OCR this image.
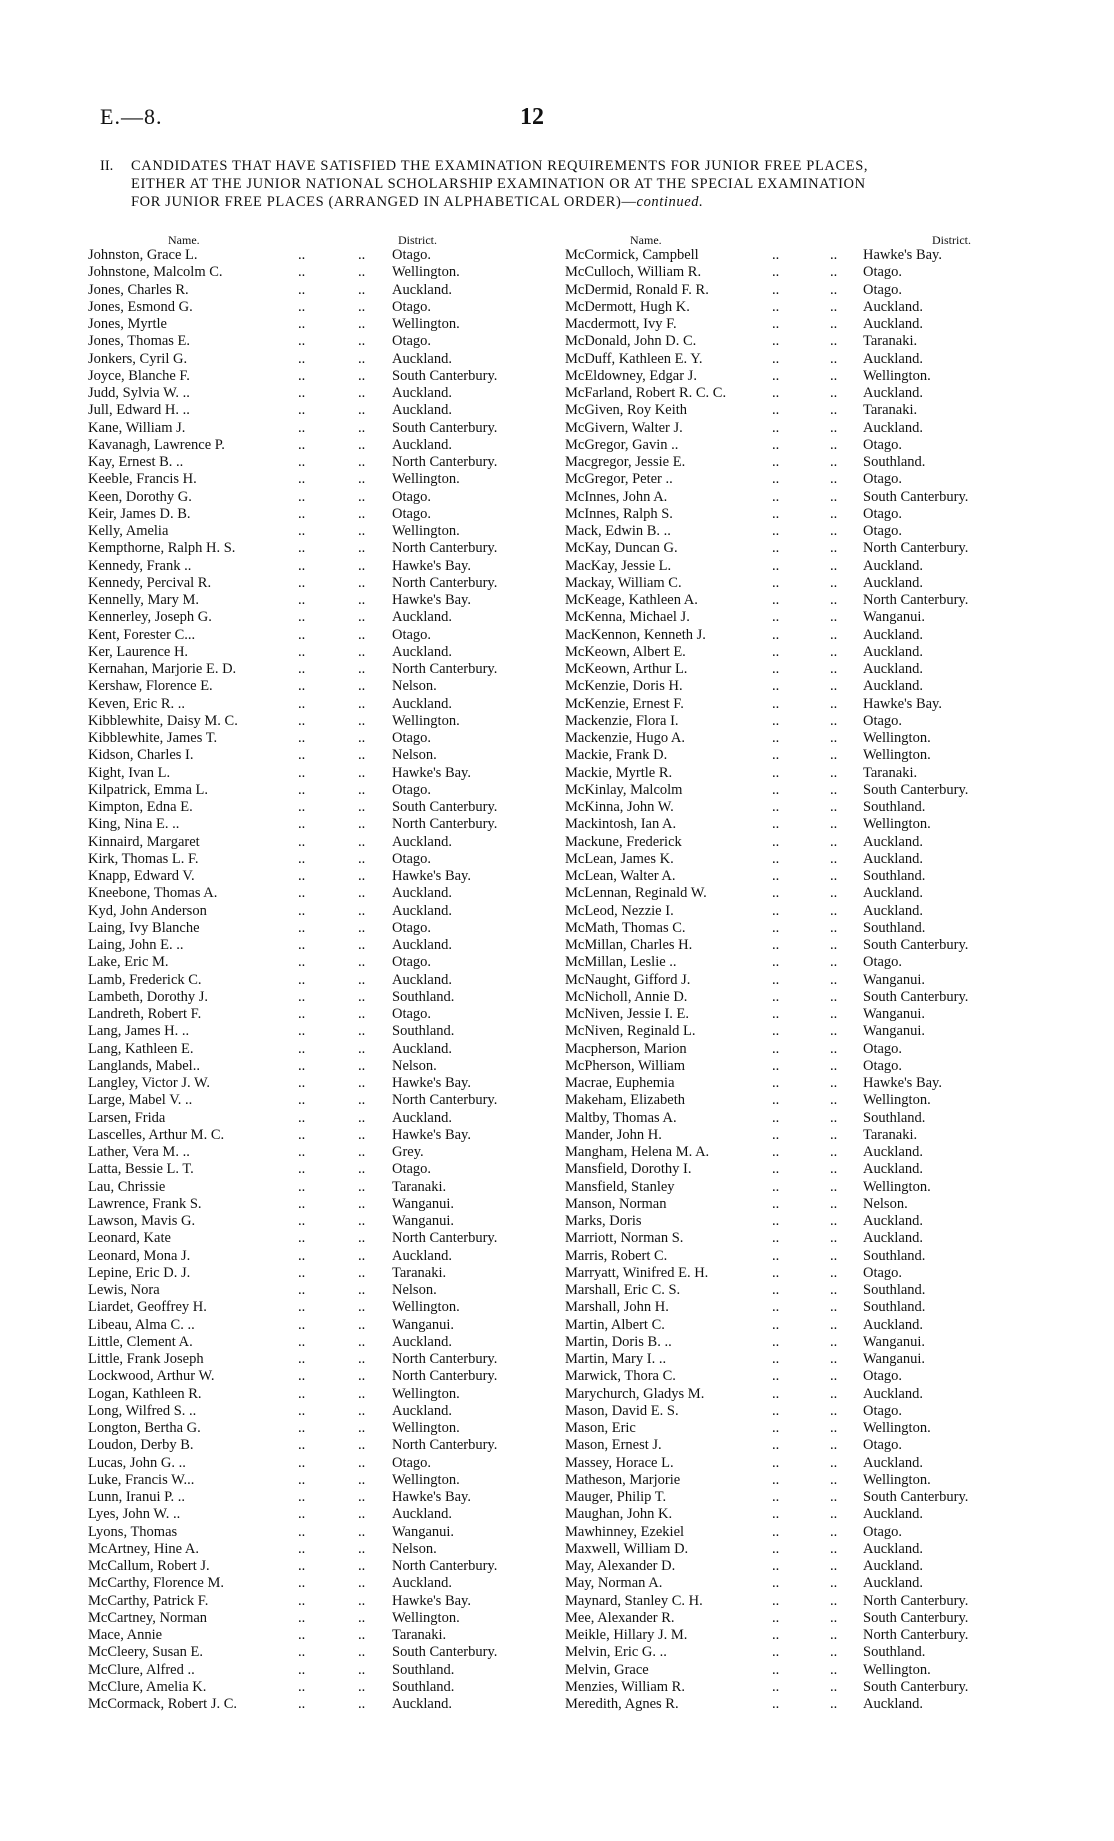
E.—8.	12
II. CANDIDATES THAT HAVE SATISFIED THE EXAMINATION REQUIREMENTS FOR JUNIOR FREE PLACES,
EITHER AT THE JUNIOR NATIONAL SCHOLARSHIP EXAMINATION OR AT THE SPECIAL EXAMINATION
FOR JUNIOR FREE PLACES (ARRANGED IN ALPHABETICAL ORDER)—continued.
Name.	District.	Name.	District.
Johnston, Grace L.	..	.. Otago.
Johnstone, Malcolm C.	..	.. Wellington.
Jones, Charles R.	..	.. Auckland.
Jones, Esmond G.	..	.. Otago.
Jones, Myrtle	..	.. Wellington.
Jones, Thomas E.	..	.. Otago.
Jonkers, Cyril G.	..	.. Auckland.
Joyce, Blanche F.	..	.. South Canterbury.
Judd, Sylvia W. ..	..	.. Auckland.
Jull, Edward H. ..	..	.. Auckland.
Kane, William J.	..	.. South Canterbury.
Kavanagh, Lawrence P.	..	.. Auckland.
Kay, Ernest B. ..	..	.. North Canterbury.
Keeble, Francis H.	..	.. Wellington.
Keen, Dorothy G.	..	.. Otago.
Keir, James D. B.	..	.. Otago.
Kelly, Amelia	..	.. Wellington.
Kempthorne, Ralph H. S.	..	.. North Canterbury.
Kennedy, Frank ..	..	.. Hawke's Bay.
Kennedy, Percival R.	..	.. North Canterbury.
Kennelly, Mary M.	..	.. Hawke's Bay.
Kennerley, Joseph G.	..	.. Auckland.
Kent, Forester C...	..	.. Otago.
Ker, Laurence H.	..	.. Auckland.
Kernahan, Marjorie E. D.	..	.. North Canterbury.
Kershaw, Florence E.	..	.. Nelson.
Keven, Eric R. ..	..	.. Auckland.
Kibblewhite, Daisy M. C.	..	.. Wellington.
Kibblewhite, James T.	..	.. Otago.
Kidson, Charles I.	..	.. Nelson.
Kight, Ivan L.	..	.. Hawke's Bay.
Kilpatrick, Emma L.	..	.. Otago.
Kimpton, Edna E.	..	.. South Canterbury.
King, Nina E. ..	..	.. North Canterbury.
Kinnaird, Margaret	..	.. Auckland.
Kirk, Thomas L. F.	..	.. Otago.
Knapp, Edward V.	..	.. Hawke's Bay.
Kneebone, Thomas A.	..	.. Auckland.
Kyd, John Anderson	..	.. Auckland.
Laing, Ivy Blanche	..	.. Otago.
Laing, John E. ..	..	.. Auckland.
Lake, Eric M.	..	.. Otago.
Lamb, Frederick C.	..	.. Auckland.
Lambeth, Dorothy J.	..	.. Southland.
Landreth, Robert F.	..	.. Otago.
Lang, James H. ..	..	.. Southland.
Lang, Kathleen E.	..	.. Auckland.
Langlands, Mabel..	..	.. Nelson.
Langley, Victor J. W.	..	.. Hawke's Bay.
Large, Mabel V. ..	..	.. North Canterbury.
Larsen, Frida	..	.. Auckland.
Lascelles, Arthur M. C.	..	.. Hawke's Bay.
Lather, Vera M. ..	..	.. Grey.
Latta, Bessie L. T.	..	.. Otago.
Lau, Chrissie	..	.. Taranaki.
Lawrence, Frank S.	..	.. Wanganui.
Lawson, Mavis G.	..	.. Wanganui.
Leonard, Kate	..	.. North Canterbury.
Leonard, Mona J.	..	.. Auckland.
Lepine, Eric D. J.	..	.. Taranaki.
Lewis, Nora	..	.. Nelson.
Liardet, Geoffrey H.	..	.. Wellington.
Libeau, Alma C. ..	..	.. Wanganui.
Little, Clement A.	..	.. Auckland.
Little, Frank Joseph	..	.. North Canterbury.
Lockwood, Arthur W.	..	.. North Canterbury.
Logan, Kathleen R.	..	.. Wellington.
Long, Wilfred S. ..	..	.. Auckland.
Longton, Bertha G.	..	.. Wellington.
Loudon, Derby B.	..	.. North Canterbury.
Lucas, John G. ..	..	.. Otago.
Luke, Francis W...	..	.. Wellington.
Lunn, Iranui P. ..	..	.. Hawke's Bay.
Lyes, John W. ..	..	.. Auckland.
Lyons, Thomas	..	.. Wanganui.
McArtney, Hine A.	..	.. Nelson.
McCallum, Robert J.	..	.. North Canterbury.
McCarthy, Florence M.	..	.. Auckland.
McCarthy, Patrick F.	..	.. Hawke's Bay.
McCartney, Norman	..	.. Wellington.
Mace, Annie	..	.. Taranaki.
McCleery, Susan E.	..	.. South Canterbury.
McClure, Alfred ..	..	.. Southland.
McClure, Amelia K.	..	.. Southland.
McCormack, Robert J. C.	..	.. Auckland.
McCormick, Campbell	..	.. Hawke's Bay.
McCulloch, William R.	..	.. Otago.
McDermid, Ronald F. R.	..	.. Otago.
McDermott, Hugh K.	..	.. Auckland.
Macdermott, Ivy F.	..	.. Auckland.
McDonald, John D. C.	..	.. Taranaki.
McDuff, Kathleen E. Y.	..	.. Auckland.
McEldowney, Edgar J.	..	.. Wellington.
McFarland, Robert R. C. C.	..	.. Auckland.
McGiven, Roy Keith	..	.. Taranaki.
McGivern, Walter J.	..	.. Auckland.
McGregor, Gavin ..	..	.. Otago.
Macgregor, Jessie E.	..	.. Southland.
McGregor, Peter ..	..	.. Otago.
McInnes, John A.	..	.. South Canterbury.
McInnes, Ralph S.	..	.. Otago.
Mack, Edwin B. ..	..	.. Otago.
McKay, Duncan G.	..	.. North Canterbury.
MacKay, Jessie L.	..	.. Auckland.
Mackay, William C.	..	.. Auckland.
McKeage, Kathleen A.	..	.. North Canterbury.
McKenna, Michael J.	..	.. Wanganui.
MacKennon, Kenneth J.	..	.. Auckland.
McKeown, Albert E.	..	.. Auckland.
McKeown, Arthur L.	..	.. Auckland.
McKenzie, Doris H.	..	.. Auckland.
McKenzie, Ernest F.	..	.. Hawke's Bay.
Mackenzie, Flora I.	..	.. Otago.
Mackenzie, Hugo A.	..	.. Wellington.
Mackie, Frank D.	..	.. Wellington.
Mackie, Myrtle R.	..	.. Taranaki.
McKinlay, Malcolm	..	.. South Canterbury.
McKinna, John W.	..	.. Southland.
Mackintosh, Ian A.	..	.. Wellington.
Mackune, Frederick	..	.. Auckland.
McLean, James K.	..	.. Auckland.
McLean, Walter A.	..	.. Southland.
McLennan, Reginald W.	..	.. Auckland.
McLeod, Nezzie I.	..	.. Auckland.
McMath, Thomas C.	..	.. Southland.
McMillan, Charles H.	..	.. South Canterbury.
McMillan, Leslie ..	..	.. Otago.
McNaught, Gifford J.	..	.. Wanganui.
McNicholl, Annie D.	..	.. South Canterbury.
McNiven, Jessie I. E.	..	.. Wanganui.
McNiven, Reginald L.	..	.. Wanganui.
Macpherson, Marion	..	.. Otago.
McPherson, William	..	.. Otago.
Macrae, Euphemia	..	.. Hawke's Bay.
Makeham, Elizabeth	..	.. Wellington.
Maltby, Thomas A.	..	.. Southland.
Mander, John H.	..	.. Taranaki.
Mangham, Helena M. A.	..	.. Auckland.
Mansfield, Dorothy I.	..	.. Auckland.
Mansfield, Stanley	..	.. Wellington.
Manson, Norman	..	.. Nelson.
Marks, Doris	..	.. Auckland.
Marriott, Norman S.	..	.. Auckland.
Marris, Robert C.	..	.. Southland.
Marryatt, Winifred E. H.	..	.. Otago.
Marshall, Eric C. S.	..	.. Southland.
Marshall, John H.	..	.. Southland.
Martin, Albert C.	..	.. Auckland.
Martin, Doris B. ..	..	.. Wanganui.
Martin, Mary I. ..	..	.. Wanganui.
Marwick, Thora C.	..	.. Otago.
Marychurch, Gladys M.	..	.. Auckland.
Mason, David E. S.	..	.. Otago.
Mason, Eric	..	.. Wellington.
Mason, Ernest J.	..	.. Otago.
Massey, Horace L.	..	.. Auckland.
Matheson, Marjorie	..	.. Wellington.
Mauger, Philip T.	..	.. South Canterbury.
Maughan, John K.	..	.. Auckland.
Mawhinney, Ezekiel	..	.. Otago.
Maxwell, William D.	..	.. Auckland.
May, Alexander D.	..	.. Auckland.
May, Norman A.	..	.. Auckland.
Maynard, Stanley C. H.	..	.. North Canterbury.
Mee, Alexander R.	..	.. South Canterbury.
Meikle, Hillary J. M.	..	.. North Canterbury.
Melvin, Eric G. ..	..	.. Southland.
Melvin, Grace	..	.. Wellington.
Menzies, William R.	..	.. South Canterbury.
Meredith, Agnes R.	..	.. Auckland.
